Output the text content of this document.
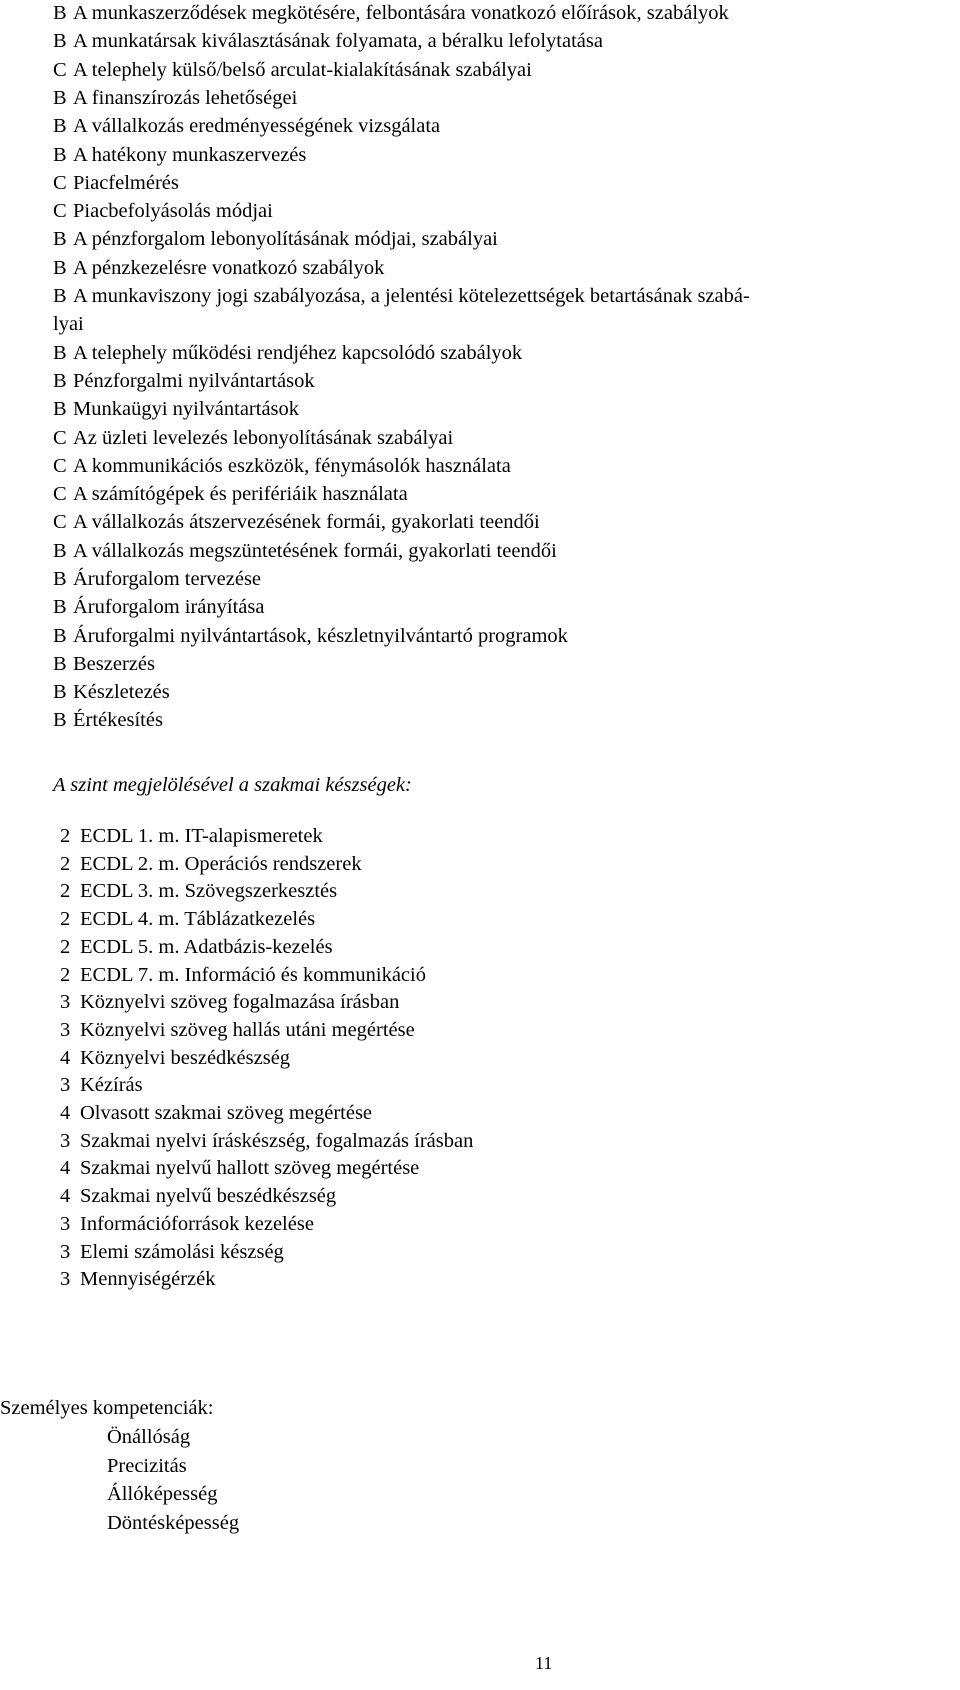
B A munkaszerződések megkötésére, felbontására vonatkozó előírások, szabályok
B A munkatársak kiválasztásának folyamata, a béralku lefolytatása
C A telephely külső/belső arculat-kialakításának szabályai
B A finanszírozás lehetőségei
B A vállalkozás eredményességének vizsgálata
B A hatékony munkaszervezés
C Piacfelmérés
C Piacbefolyásolás módjai
B A pénzforgalom lebonyolításának módjai, szabályai
B A pénzkezelésre vonatkozó szabályok
B A munkaviszony jogi szabályozása, a jelentési kötelezettségek betartásának szabá-
lyai
B A telephely működési rendjéhez kapcsolódó szabályok
B Pénzforgalmi nyilvántartások
B Munkaügyi nyilvántartások
C Az üzleti levelezés lebonyolításának szabályai
C A kommunikációs eszközök, fénymásolók használata
C A számítógépek és perifériáik használata
C A vállalkozás átszervezésének formái, gyakorlati teendői
B A vállalkozás megszüntetésének formái, gyakorlati teendői
B Áruforgalom tervezése
B Áruforgalom irányítása
B Áruforgalmi nyilvántartások, készletnyilvántartó programok
B Beszerzés
B Készletezés
B Értékesítés
A szint megjelölésével a szakmai készségek:
2 ECDL 1. m. IT-alapismeretek
2 ECDL 2. m. Operációs rendszerek
2 ECDL 3. m. Szövegszerkesztés
2 ECDL 4. m. Táblázatkezelés
2 ECDL 5. m. Adatbázis-kezelés
2 ECDL 7. m. Információ és kommunikáció
3 Köznyelvi szöveg fogalmazása írásban
3 Köznyelvi szöveg hallás utáni megértése
4 Köznyelvi beszédkészség
3 Kézírás
4 Olvasott szakmai szöveg megértése
3 Szakmai nyelvi íráskészség, fogalmazás írásban
4 Szakmai nyelvű hallott szöveg megértése
4 Szakmai nyelvű beszédkészség
3 Információforrások kezelése
3 Elemi számolási készség
3 Mennyiségérzék
Személyes kompetenciák:
Önállóság
Precizitás
Állóképesség
Döntésképesség
11
